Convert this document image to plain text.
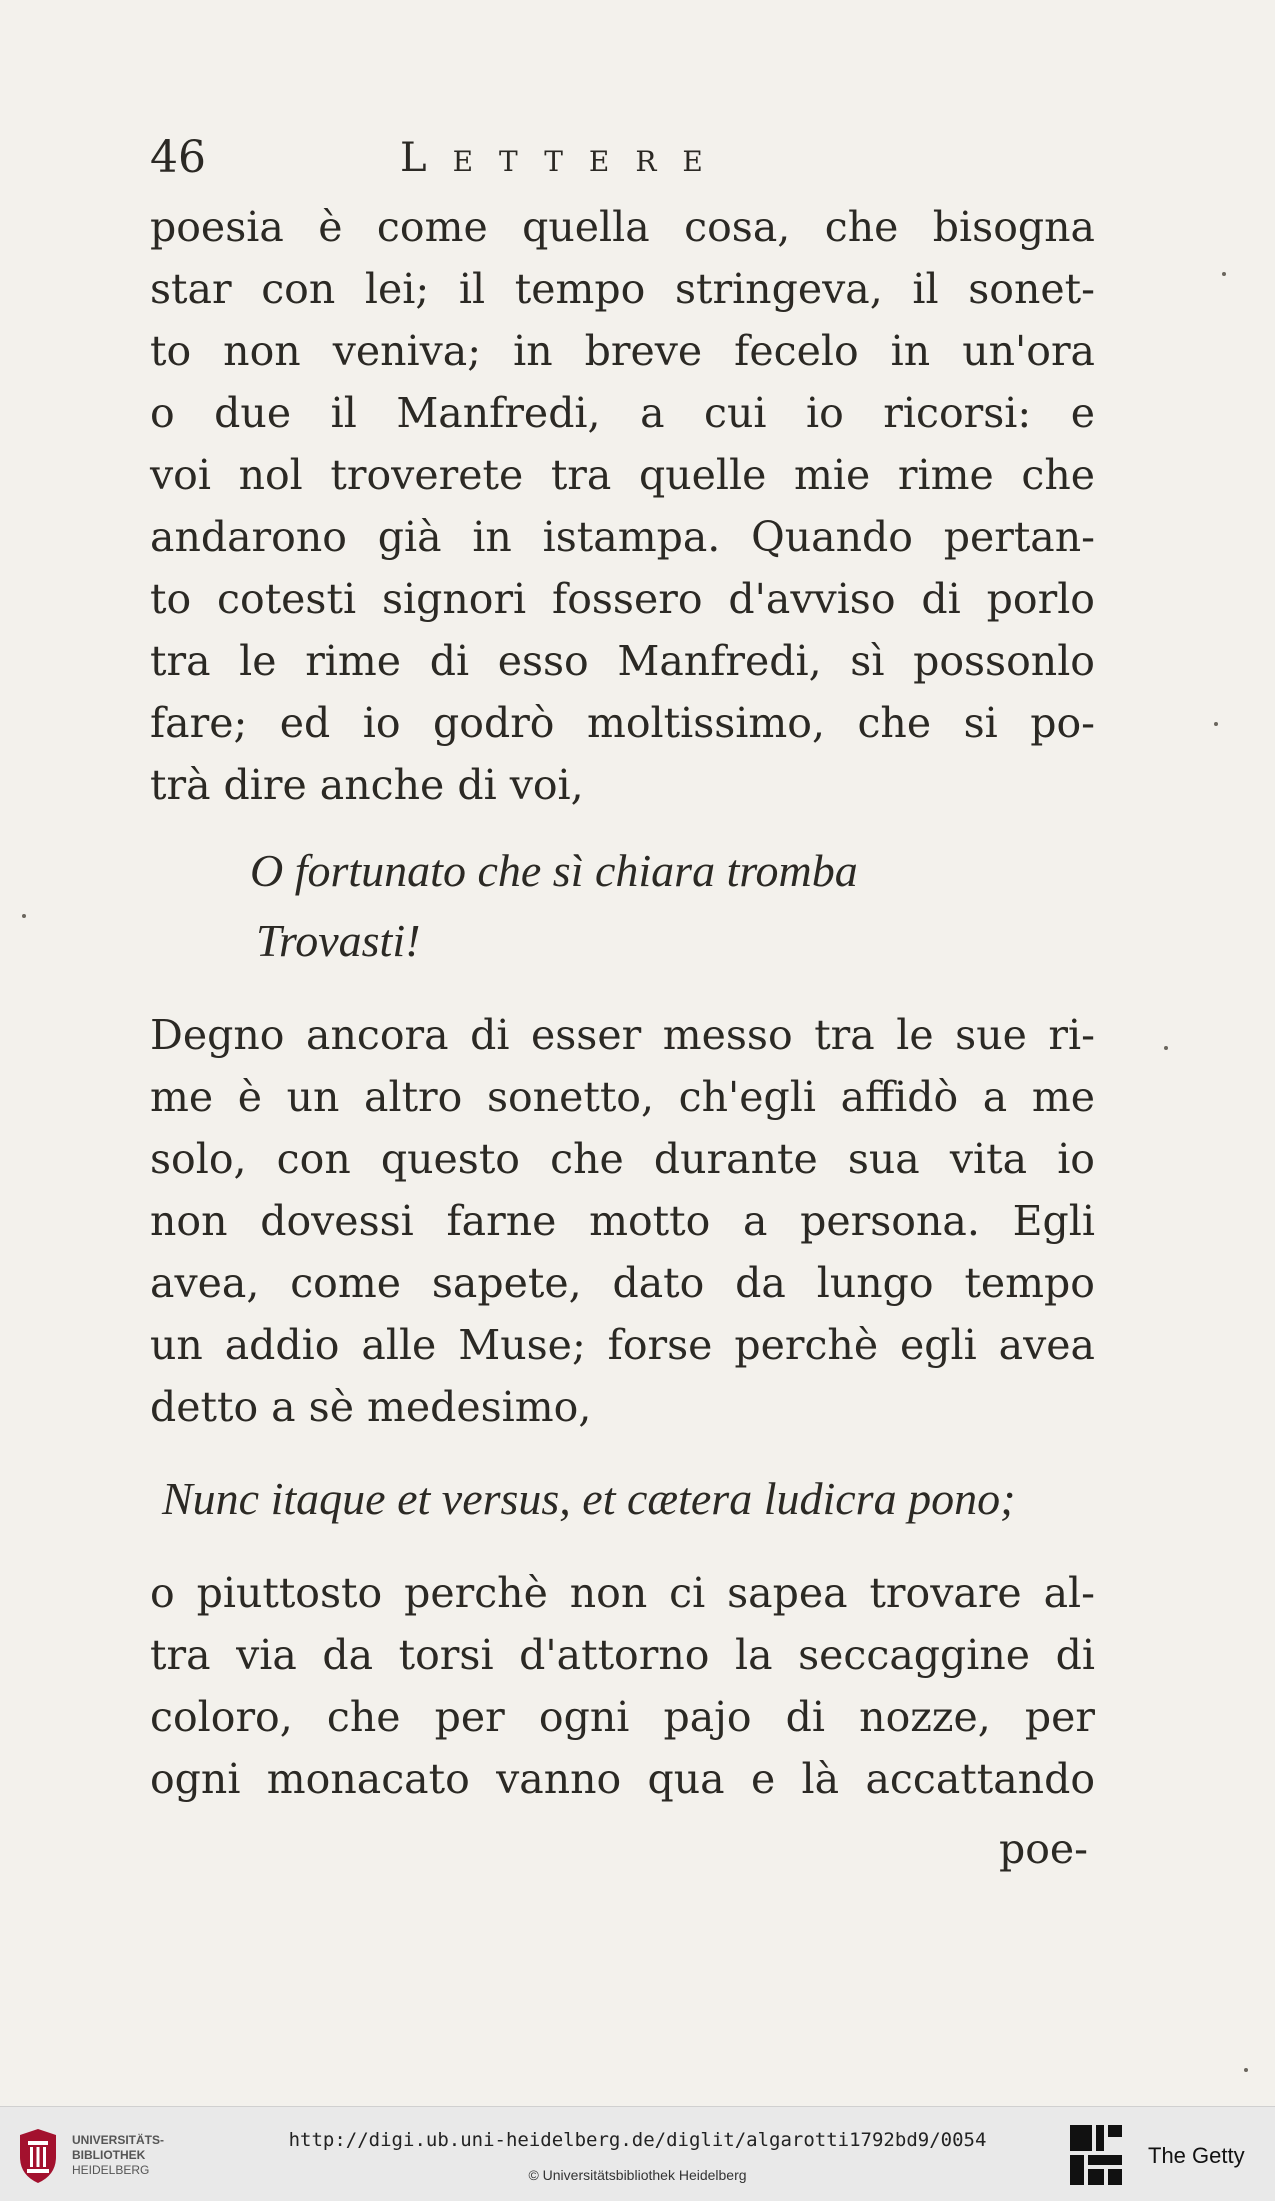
46	Lettere
poesia è come quella cosa, che bisogna
star con lei; il tempo stringeva, il sonet-
to non veniva; in breve fecelo in un'ora
o due il Manfredi, a cui io ricorsi: e
voi nol troverete tra quelle mie rime che
andarono già in istampa. Quando pertan-
to cotesti signori fossero d'avviso di porlo
tra le rime di esso Manfredi, sì possonlo
fare; ed io godrò moltissimo, che si po-
trà dire anche di voi,
O fortunato che sì chiara tromba
Trovasti!
Degno ancora di esser messo tra le sue ri-
me è un altro sonetto, ch'egli affidò a me
solo, con questo che durante sua vita io
non dovessi farne motto a persona. Egli
avea, come sapete, dato da lungo tempo
un addio alle Muse; forse perchè egli avea
detto a sè medesimo,
Nunc itaque et versus, et cætera ludicra pono;
o piuttosto perchè non ci sapea trovare al-
tra via da torsi d'attorno la seccaggine di
coloro, che per ogni pajo di nozze, per
ogni monacato vanno qua e là accattando
poe-
UNIVERSITÄTS-
BIBLIOTHEK
HEIDELBERG
http://digi.ub.uni-heidelberg.de/diglit/algarotti1792bd9/0054
© Universitätsbibliothek Heidelberg
The Getty
